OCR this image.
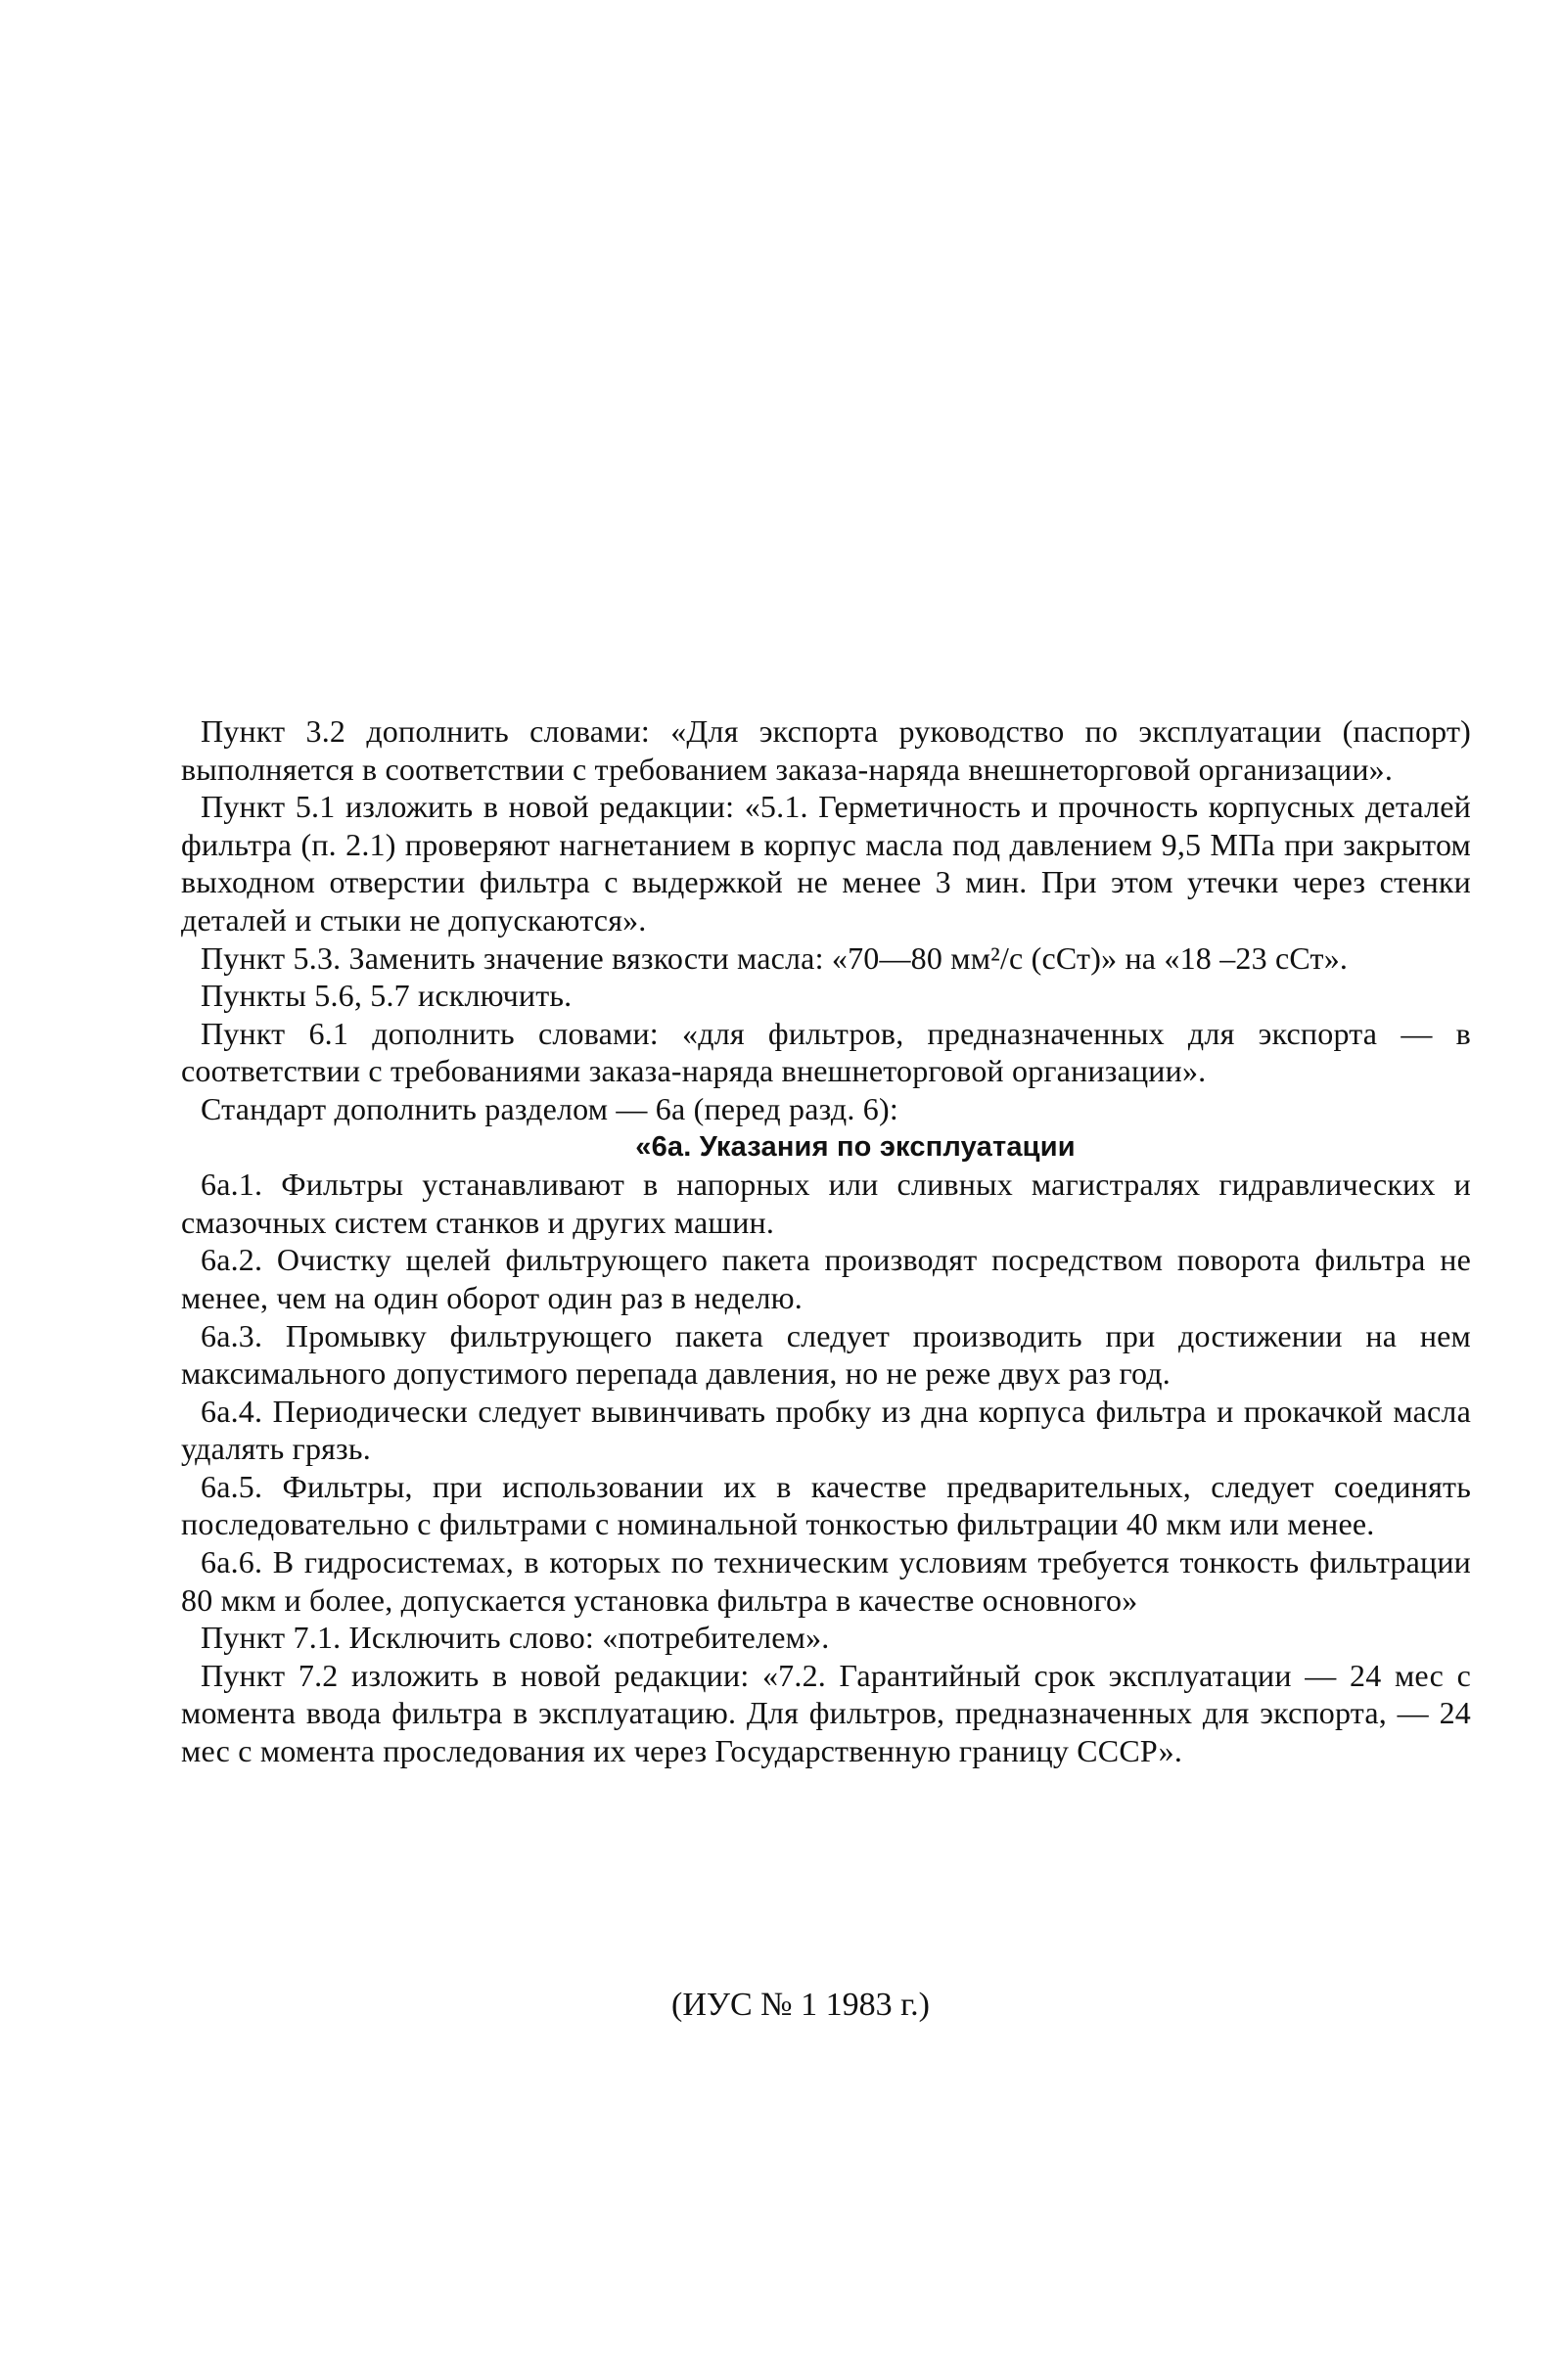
Пункт 3.2 дополнить словами: «Для экспорта руководство по эксплуатации (паспорт) выполняется в соответствии с требованием заказа-наряда внешнеторговой организации».

Пункт 5.1 изложить в новой редакции: «5.1. Герметичность и прочность корпусных деталей фильтра (п. 2.1) проверяют нагнетанием в корпус масла под давлением 9,5 МПа при закрытом выходном отверстии фильтра с выдержкой не менее 3 мин. При этом утечки через стенки деталей и стыки не допускаются».

Пункт 5.3. Заменить значение вязкости масла: «70—80 мм²/с (сСт)» на «18 –23 сСт».

Пункты 5.6, 5.7 исключить.

Пункт 6.1 дополнить словами: «для фильтров, предназначенных для экспорта — в соответствии с требованиями заказа-наряда внешнеторговой организации».

Стандарт дополнить разделом — 6а (перед разд. 6):

«6а. Указания по эксплуатации

6а.1. Фильтры устанавливают в напорных или сливных магистралях гидравлических и смазочных систем станков и других машин.

6а.2. Очистку щелей фильтрующего пакета производят посредством поворота фильтра не менее, чем на один оборот один раз в неделю.

6а.3. Промывку фильтрующего пакета следует производить при достижении на нем максимального допустимого перепада давления, но не реже двух раз год.

6а.4. Периодически следует вывинчивать пробку из дна корпуса фильтра и прокачкой масла удалять грязь.

6а.5. Фильтры, при использовании их в качестве предварительных, следует соединять последовательно с фильтрами с номинальной тонкостью фильтрации 40 мкм или менее.

6а.6. В гидросистемах, в которых по техническим условиям требуется тонкость фильтрации 80 мкм и более, допускается установка фильтра в качестве основного»

Пункт 7.1. Исключить слово: «потребителем».

Пункт 7.2 изложить в новой редакции: «7.2. Гарантийный срок эксплуатации — 24 мес с момента ввода фильтра в эксплуатацию. Для фильтров, предназначенных для экспорта, — 24 мес с момента проследования их через Государственную границу СССР».

(ИУС № 1 1983 г.)
